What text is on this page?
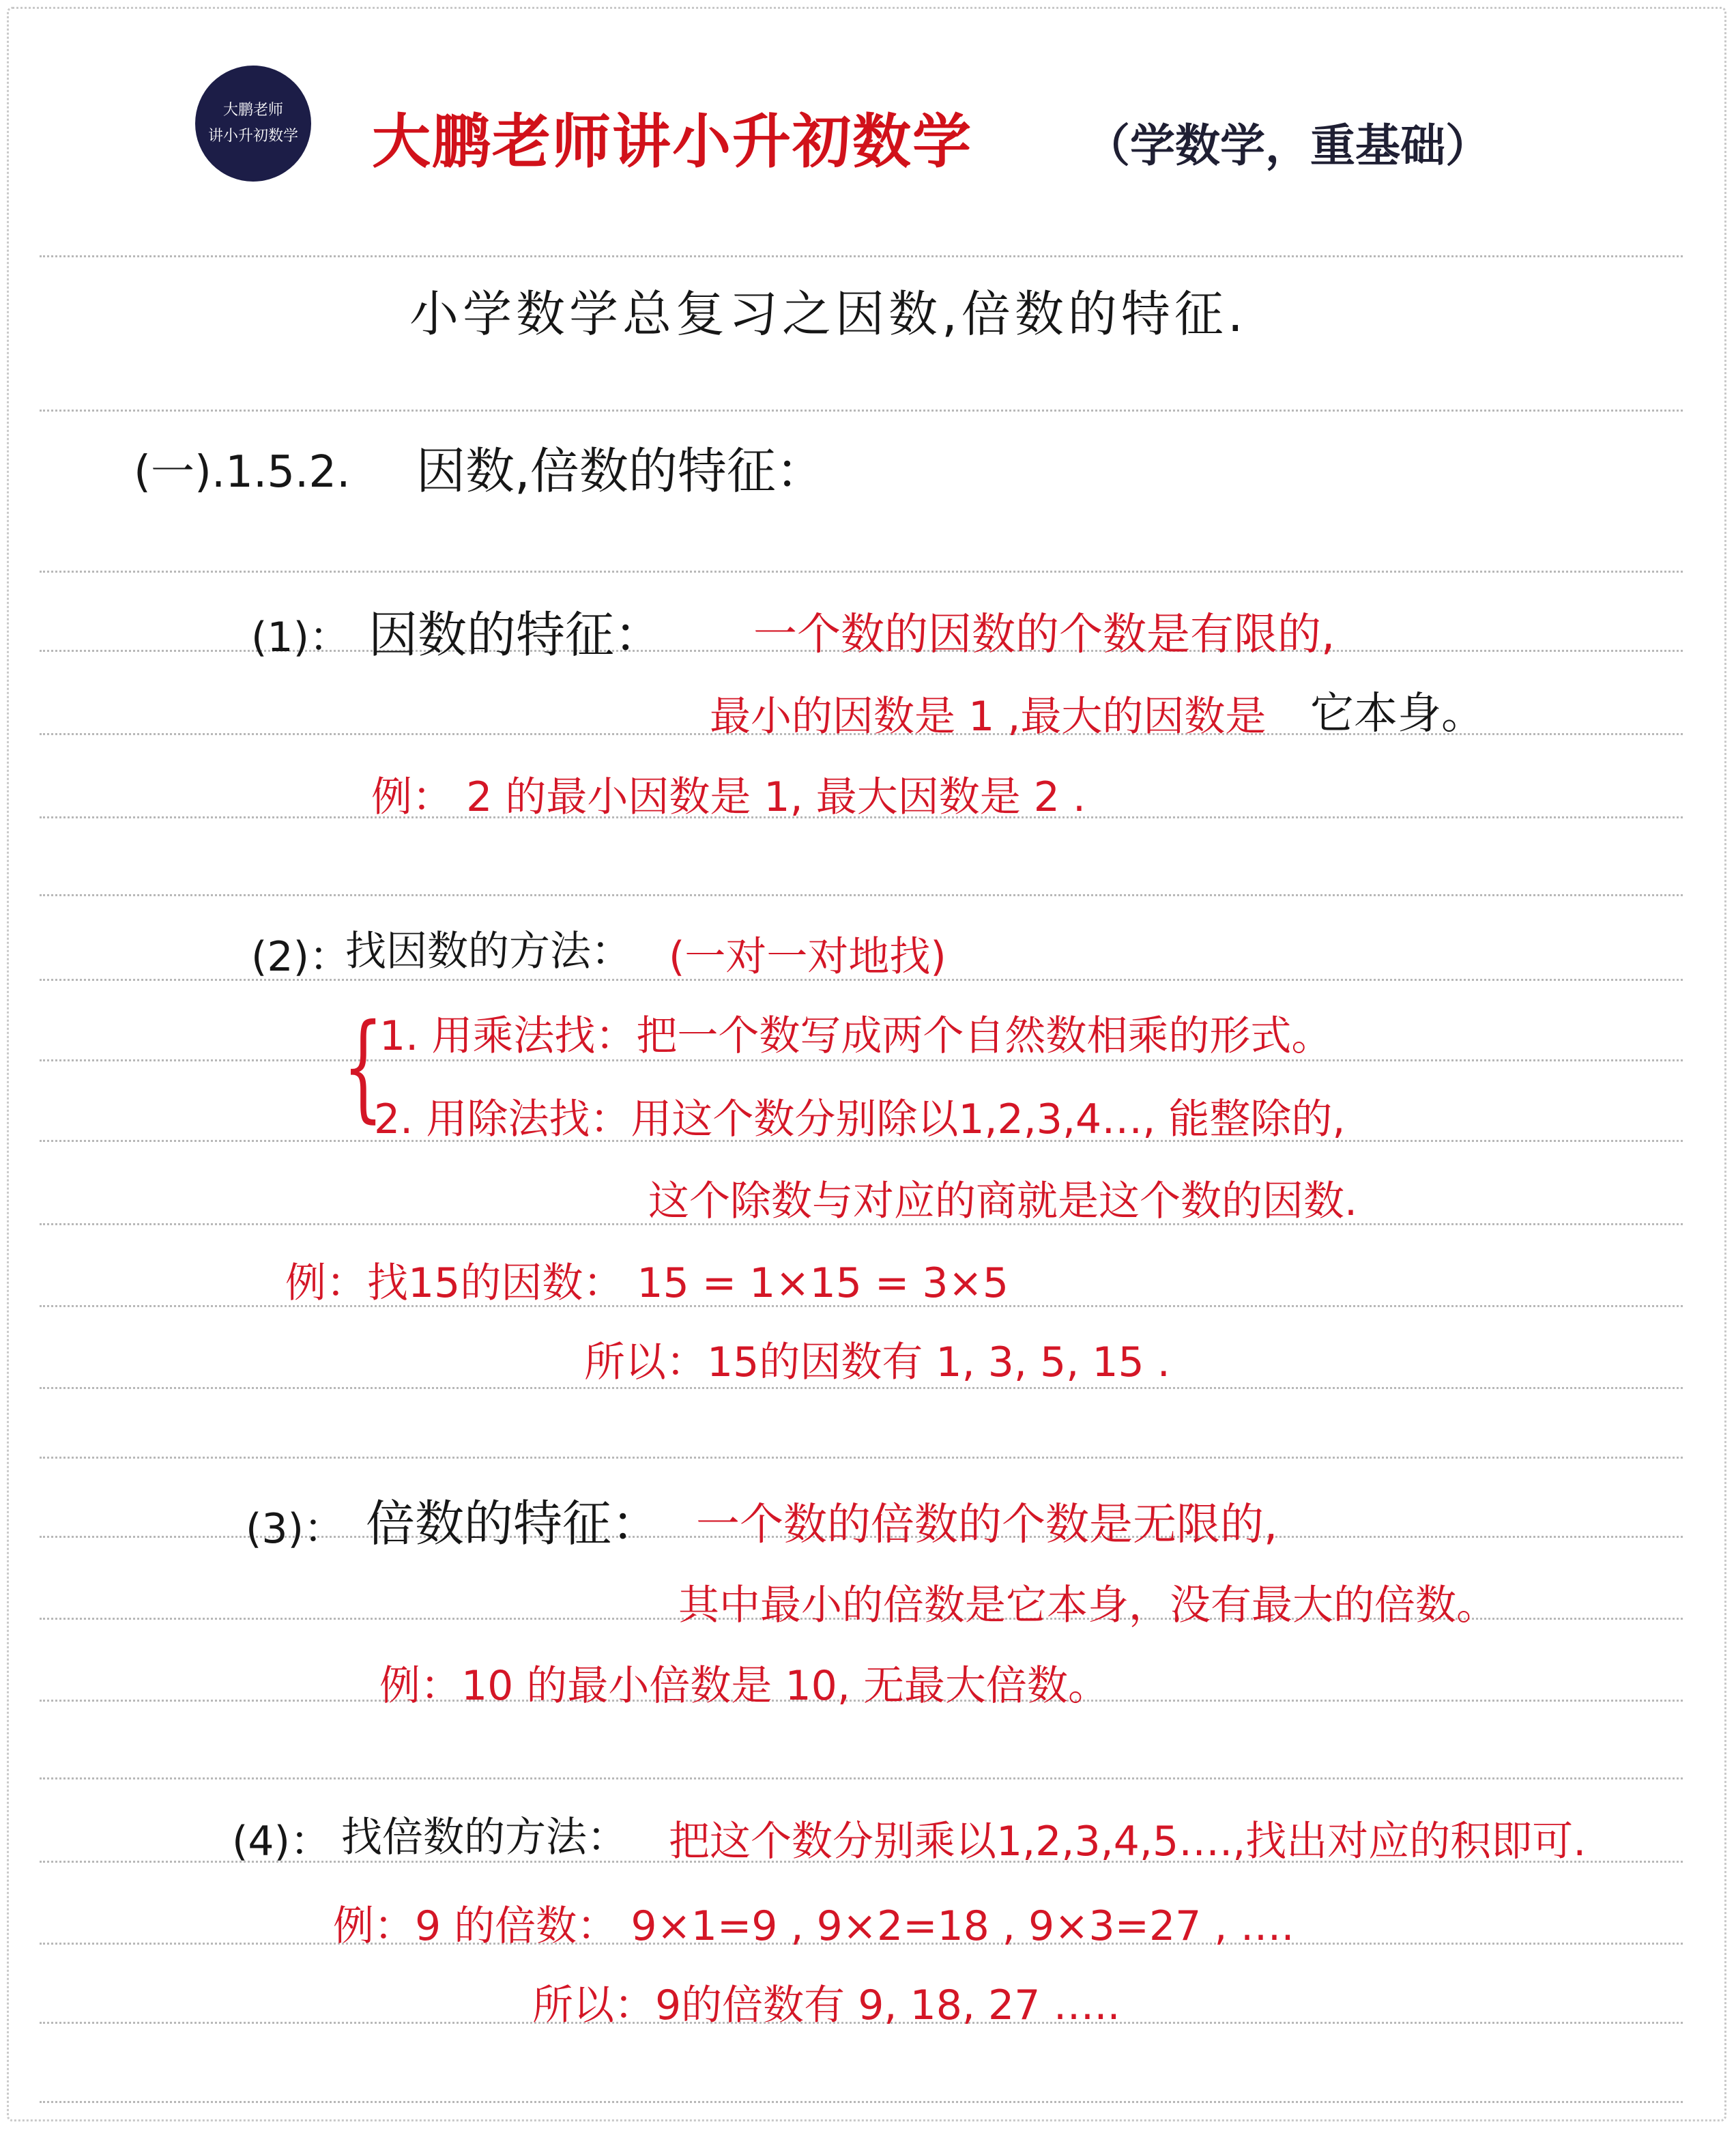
大鹏老师
讲小升初数学 大鹏老师讲小升初数学	（学数学，重基础）
小学数学总复习之因数,倍数的特征.
(一).1.5.2. 因数,倍数的特征：
(1)： 因数的特征： 一个数的因数的个数是有限的,
最小的因数是 1 ,最大的因数是 它本身。
例： 2 的最小因数是 1, 最大因数是 2 .
(2)：
找因数的方法： (一对一对地找)
{
1. 用乘法找：把一个数写成两个自然数相乘的形式。
2. 用除法找：用这个数分别除以1,2,3,4…, 能整除的,
这个除数与对应的商就是这个数的因数.
例：找15的因数： 15 = 1×15 = 3×5
所以：15的因数有 1, 3, 5, 15 .
(3)： 倍数的特征： 一个数的倍数的个数是无限的,
其中最小的倍数是它本身，没有最大的倍数。
例：10 的最小倍数是 10, 无最大倍数。
(4)： 找倍数的方法： 把这个数分别乘以1,2,3,4,5….,找出对应的积即可.
例：9 的倍数： 9×1=9 , 9×2=18 , 9×3=27 , ….
所以：9的倍数有 9, 18, 27 …..
